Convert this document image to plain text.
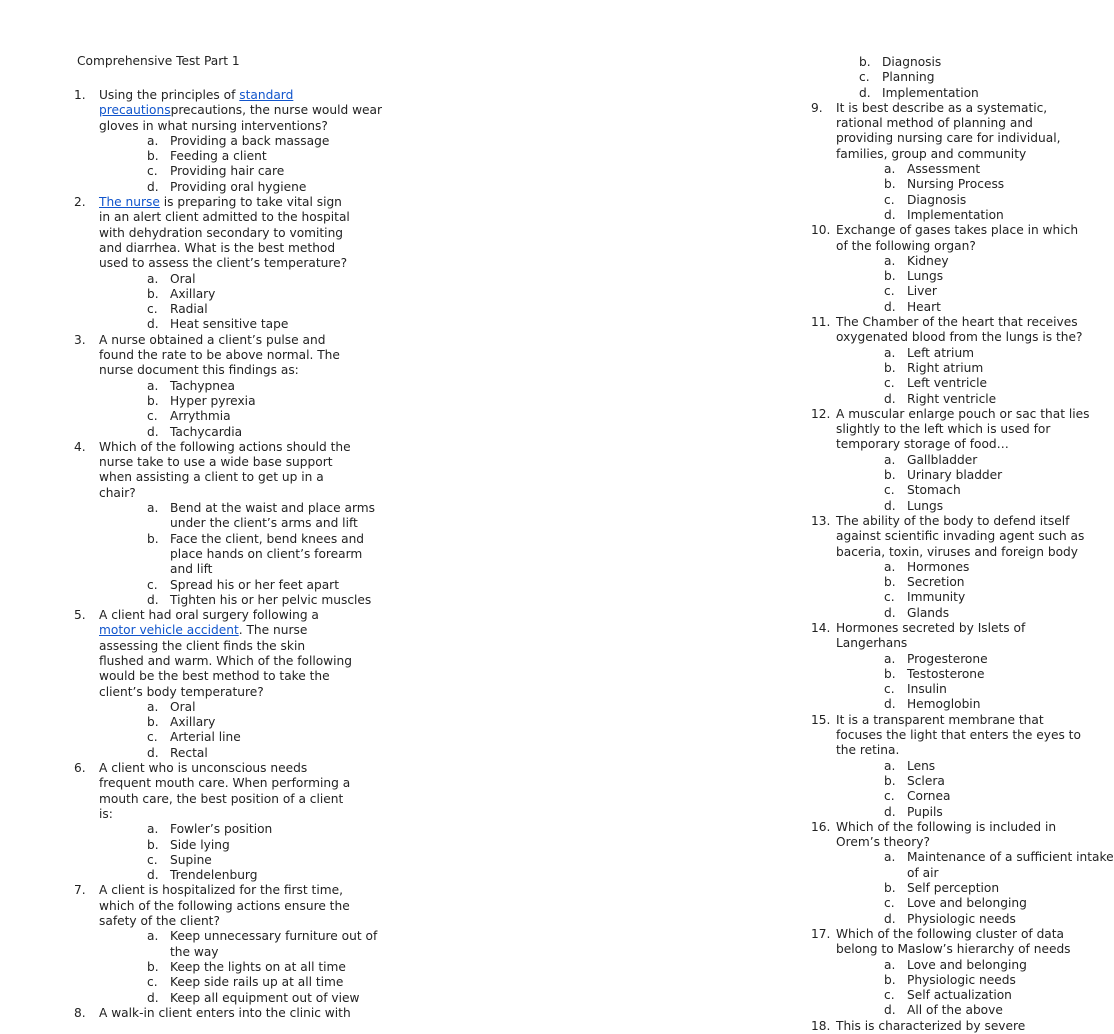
Comprehensive Test Part 1
1. Using the principles of standard
precautionsprecautions, the nurse would wear
gloves in what nursing interventions?
a. Providing a back massage
b. Feeding a client
c. Providing hair care
d. Providing oral hygiene
2. The nurse is preparing to take vital sign
in an alert client admitted to the hospital
with dehydration secondary to vomiting
and diarrhea. What is the best method
used to assess the client’s temperature?
a. Oral
b. Axillary
c. Radial
d. Heat sensitive tape
3. A nurse obtained a client’s pulse and
found the rate to be above normal. The
nurse document this findings as:
a. Tachypnea
b. Hyper pyrexia
c. Arrythmia
d. Tachycardia
4. Which of the following actions should the
nurse take to use a wide base support
when assisting a client to get up in a
chair?
a. Bend at the waist and place arms
under the client’s arms and lift
b. Face the client, bend knees and
place hands on client’s forearm
and lift
c. Spread his or her feet apart
d. Tighten his or her pelvic muscles
5. A client had oral surgery following a
motor vehicle accident. The nurse
assessing the client finds the skin
flushed and warm. Which of the following
would be the best method to take the
client’s body temperature?
a. Oral
b. Axillary
c. Arterial line
d. Rectal
6. A client who is unconscious needs
frequent mouth care. When performing a
mouth care, the best position of a client
is:
a. Fowler’s position
b. Side lying
c. Supine
d. Trendelenburg
7. A client is hospitalized for the first time,
which of the following actions ensure the
safety of the client?
a. Keep unnecessary furniture out of
the way
b. Keep the lights on at all time
c. Keep side rails up at all time
d. Keep all equipment out of view
8. A walk-in client enters into the clinic with
b. Diagnosis
c. Planning
d. Implementation
9. It is best describe as a systematic,
rational method of planning and
providing nursing care for individual,
families, group and community
a. Assessment
b. Nursing Process
c. Diagnosis
d. Implementation
10. Exchange of gases takes place in which
of the following organ?
a. Kidney
b. Lungs
c. Liver
d. Heart
11. The Chamber of the heart that receives
oxygenated blood from the lungs is the?
a. Left atrium
b. Right atrium
c. Left ventricle
d. Right ventricle
12. A muscular enlarge pouch or sac that lies
slightly to the left which is used for
temporary storage of food…
a. Gallbladder
b. Urinary bladder
c. Stomach
d. Lungs
13. The ability of the body to defend itself
against scientific invading agent such as
baceria, toxin, viruses and foreign body
a. Hormones
b. Secretion
c. Immunity
d. Glands
14. Hormones secreted by Islets of
Langerhans
a. Progesterone
b. Testosterone
c. Insulin
d. Hemoglobin
15. It is a transparent membrane that
focuses the light that enters the eyes to
the retina.
a. Lens
b. Sclera
c. Cornea
d. Pupils
16. Which of the following is included in
Orem’s theory?
a. Maintenance of a sufficient intake
of air
b. Self perception
c. Love and belonging
d. Physiologic needs
17. Which of the following cluster of data
belong to Maslow’s hierarchy of needs
a. Love and belonging
b. Physiologic needs
c. Self actualization
d. All of the above
18. This is characterized by severe
